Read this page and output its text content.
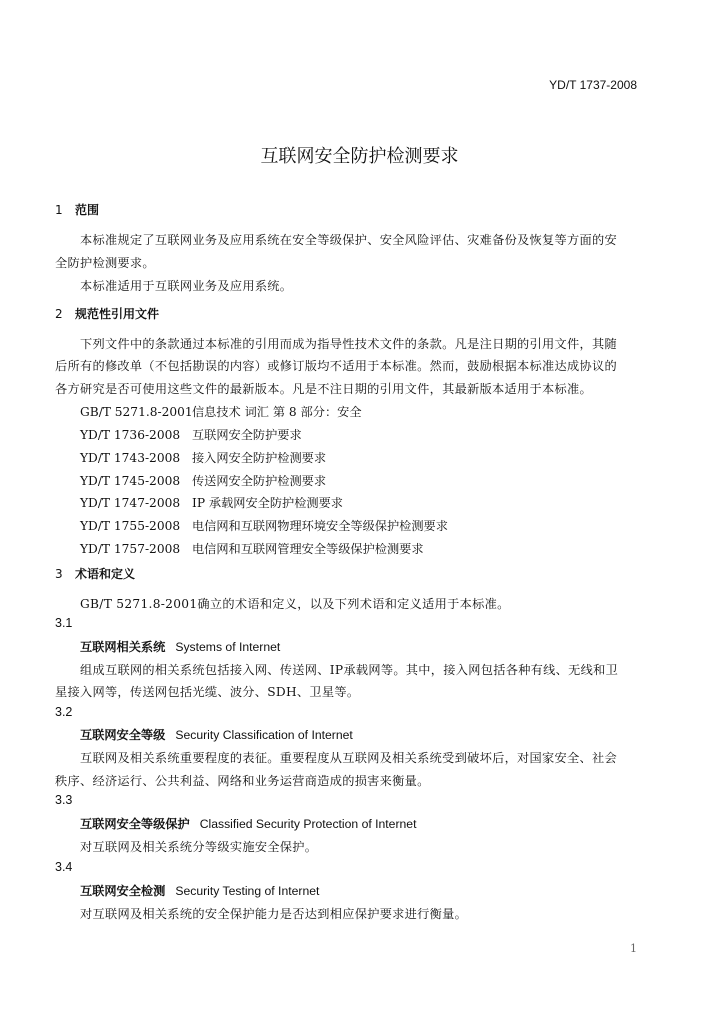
YD/T 1737-2008
互联网安全防护检测要求
1 范围
本标准规定了互联网业务及应用系统在安全等级保护、安全风险评估、灾难备份及恢复等方面的安
全防护检测要求。
本标准适用于互联网业务及应用系统。
2 规范性引用文件
下列文件中的条款通过本标准的引用而成为指导性技术文件的条款。凡是注日期的引用文件，其随
后所有的修改单（不包括勘误的内容）或修订版均不适用于本标准。然而，鼓励根据本标准达成协议的
各方研究是否可使用这些文件的最新版本。凡是不注日期的引用文件，其最新版本适用于本标准。
GB/T 5271.8-2001信息技术 词汇 第 8 部分：安全
YD/T 1736-2008 互联网安全防护要求
YD/T 1743-2008 接入网安全防护检测要求
YD/T 1745-2008 传送网安全防护检测要求
YD/T 1747-2008 IP 承载网安全防护检测要求
YD/T 1755-2008 电信网和互联网物理环境安全等级保护检测要求
YD/T 1757-2008 电信网和互联网管理安全等级保护检测要求
3 术语和定义
GB/T 5271.8-2001确立的术语和定义，以及下列术语和定义适用于本标准。
3.1
互联网相关系统 Systems of Internet
组成互联网的相关系统包括接入网、传送网、IP承载网等。其中，接入网包括各种有线、无线和卫
星接入网等，传送网包括光缆、波分、SDH、卫星等。
3.2
互联网安全等级 Security Classification of Internet
互联网及相关系统重要程度的表征。重要程度从互联网及相关系统受到破坏后，对国家安全、社会
秩序、经济运行、公共利益、网络和业务运营商造成的损害来衡量。
3.3
互联网安全等级保护 Classified Security Protection of Internet
对互联网及相关系统分等级实施安全保护。
3.4
互联网安全检测 Security Testing of Internet
对互联网及相关系统的安全保护能力是否达到相应保护要求进行衡量。
1
